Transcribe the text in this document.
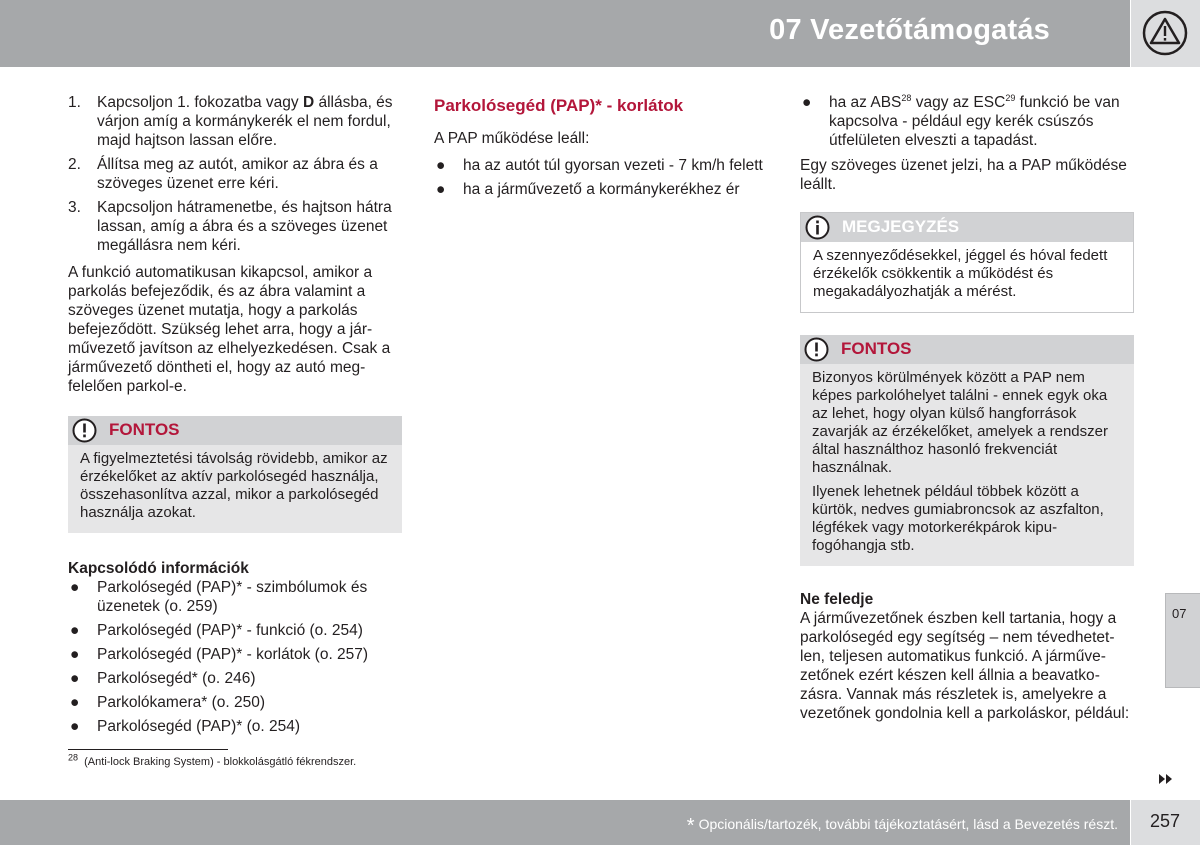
07 Vezetőtámogatás
1. Kapcsoljon 1. fokozatba vagy D állásba, és várjon amíg a kormánykerék el nem fordul, majd hajtson lassan előre.
2. Állítsa meg az autót, amikor az ábra és a szöveges üzenet erre kéri.
3. Kapcsoljon hátramenetbe, és hajtson hátra lassan, amíg a ábra és a szöveges üzenet megállásra nem kéri.

A funkció automatikusan kikapcsol, amikor a parkolás befejeződik, és az ábra valamint a szöveges üzenet mutatja, hogy a parkolás befejeződött. Szükség lehet arra, hogy a járművezető javítson az elhelyezkedésen. Csak a járművezető döntheti el, hogy az autó megfelelően parkol-e.

FONTOS

A figyelmeztetési távolság rövidebb, amikor az érzékelőket az aktív parkolósegéd használja, összehasonlítva azzal, mikor a parkolósegéd használja azokat.

Kapcsolódó információk

● Parkolósegéd (PAP)* - szimbólumok és üzenetek (o. 259)
● Parkolósegéd (PAP)* - funkció (o. 254)
● Parkolósegéd (PAP)* - korlátok (o. 257)
● Parkolósegéd* (o. 246)
● Parkolókamera* (o. 250)
● Parkolósegéd (PAP)* (o. 254)
Parkolósegéd (PAP)* - korlátok

A PAP működése leáll:

● ha az autót túl gyorsan vezeti - 7 km/h felett
● ha a járművezető a kormánykerékhez ér
● ha az ABS$^{28}$ vagy az ESC$^{29}$ funkció be van kapcsolva - például egy kerék csúszós útfelületen elveszti a tapadást.

Egy szöveges üzenet jelzi, ha a PAP működése leállt.

MEGJEGYZÉS

A szennyeződésekkel, jéggel és hóval fedett érzékelők csökkentik a működést és megakadályozhatják a mérést.

FONTOS

Bizonyos körülmények között a PAP nem képes parkolóhelyet találni - ennek egyk oka az lehet, hogy olyan külső hangforrások zavarják az érzékelőket, amelyek a rendszer által használthoz hasonló frekvenciát használnak.

Ilyenek lehetnek például többek között a kürtök, nedves gumiabroncsok az aszfalton, légfékek vagy motorkerékpárok kipufogóhangja stb.

Ne feledje

A járművezetőnek észben kell tartania, hogy a parkolósegéd egy segítség – nem tévedhetetlen, teljesen automatikus funkció. A járművezetőnek ezért készen kell állnia a beavatkozásra. Vannak más részletek is, amelyekre a vezetőnek gondolnia kell a parkoláskor, például:

$^{28}$ (Anti-lock Braking System) - blokkolásgátló fékrendszer.
07
* Opcionális/tartozék, további tájékoztatásért, lásd a Bevezetés részt. 257
